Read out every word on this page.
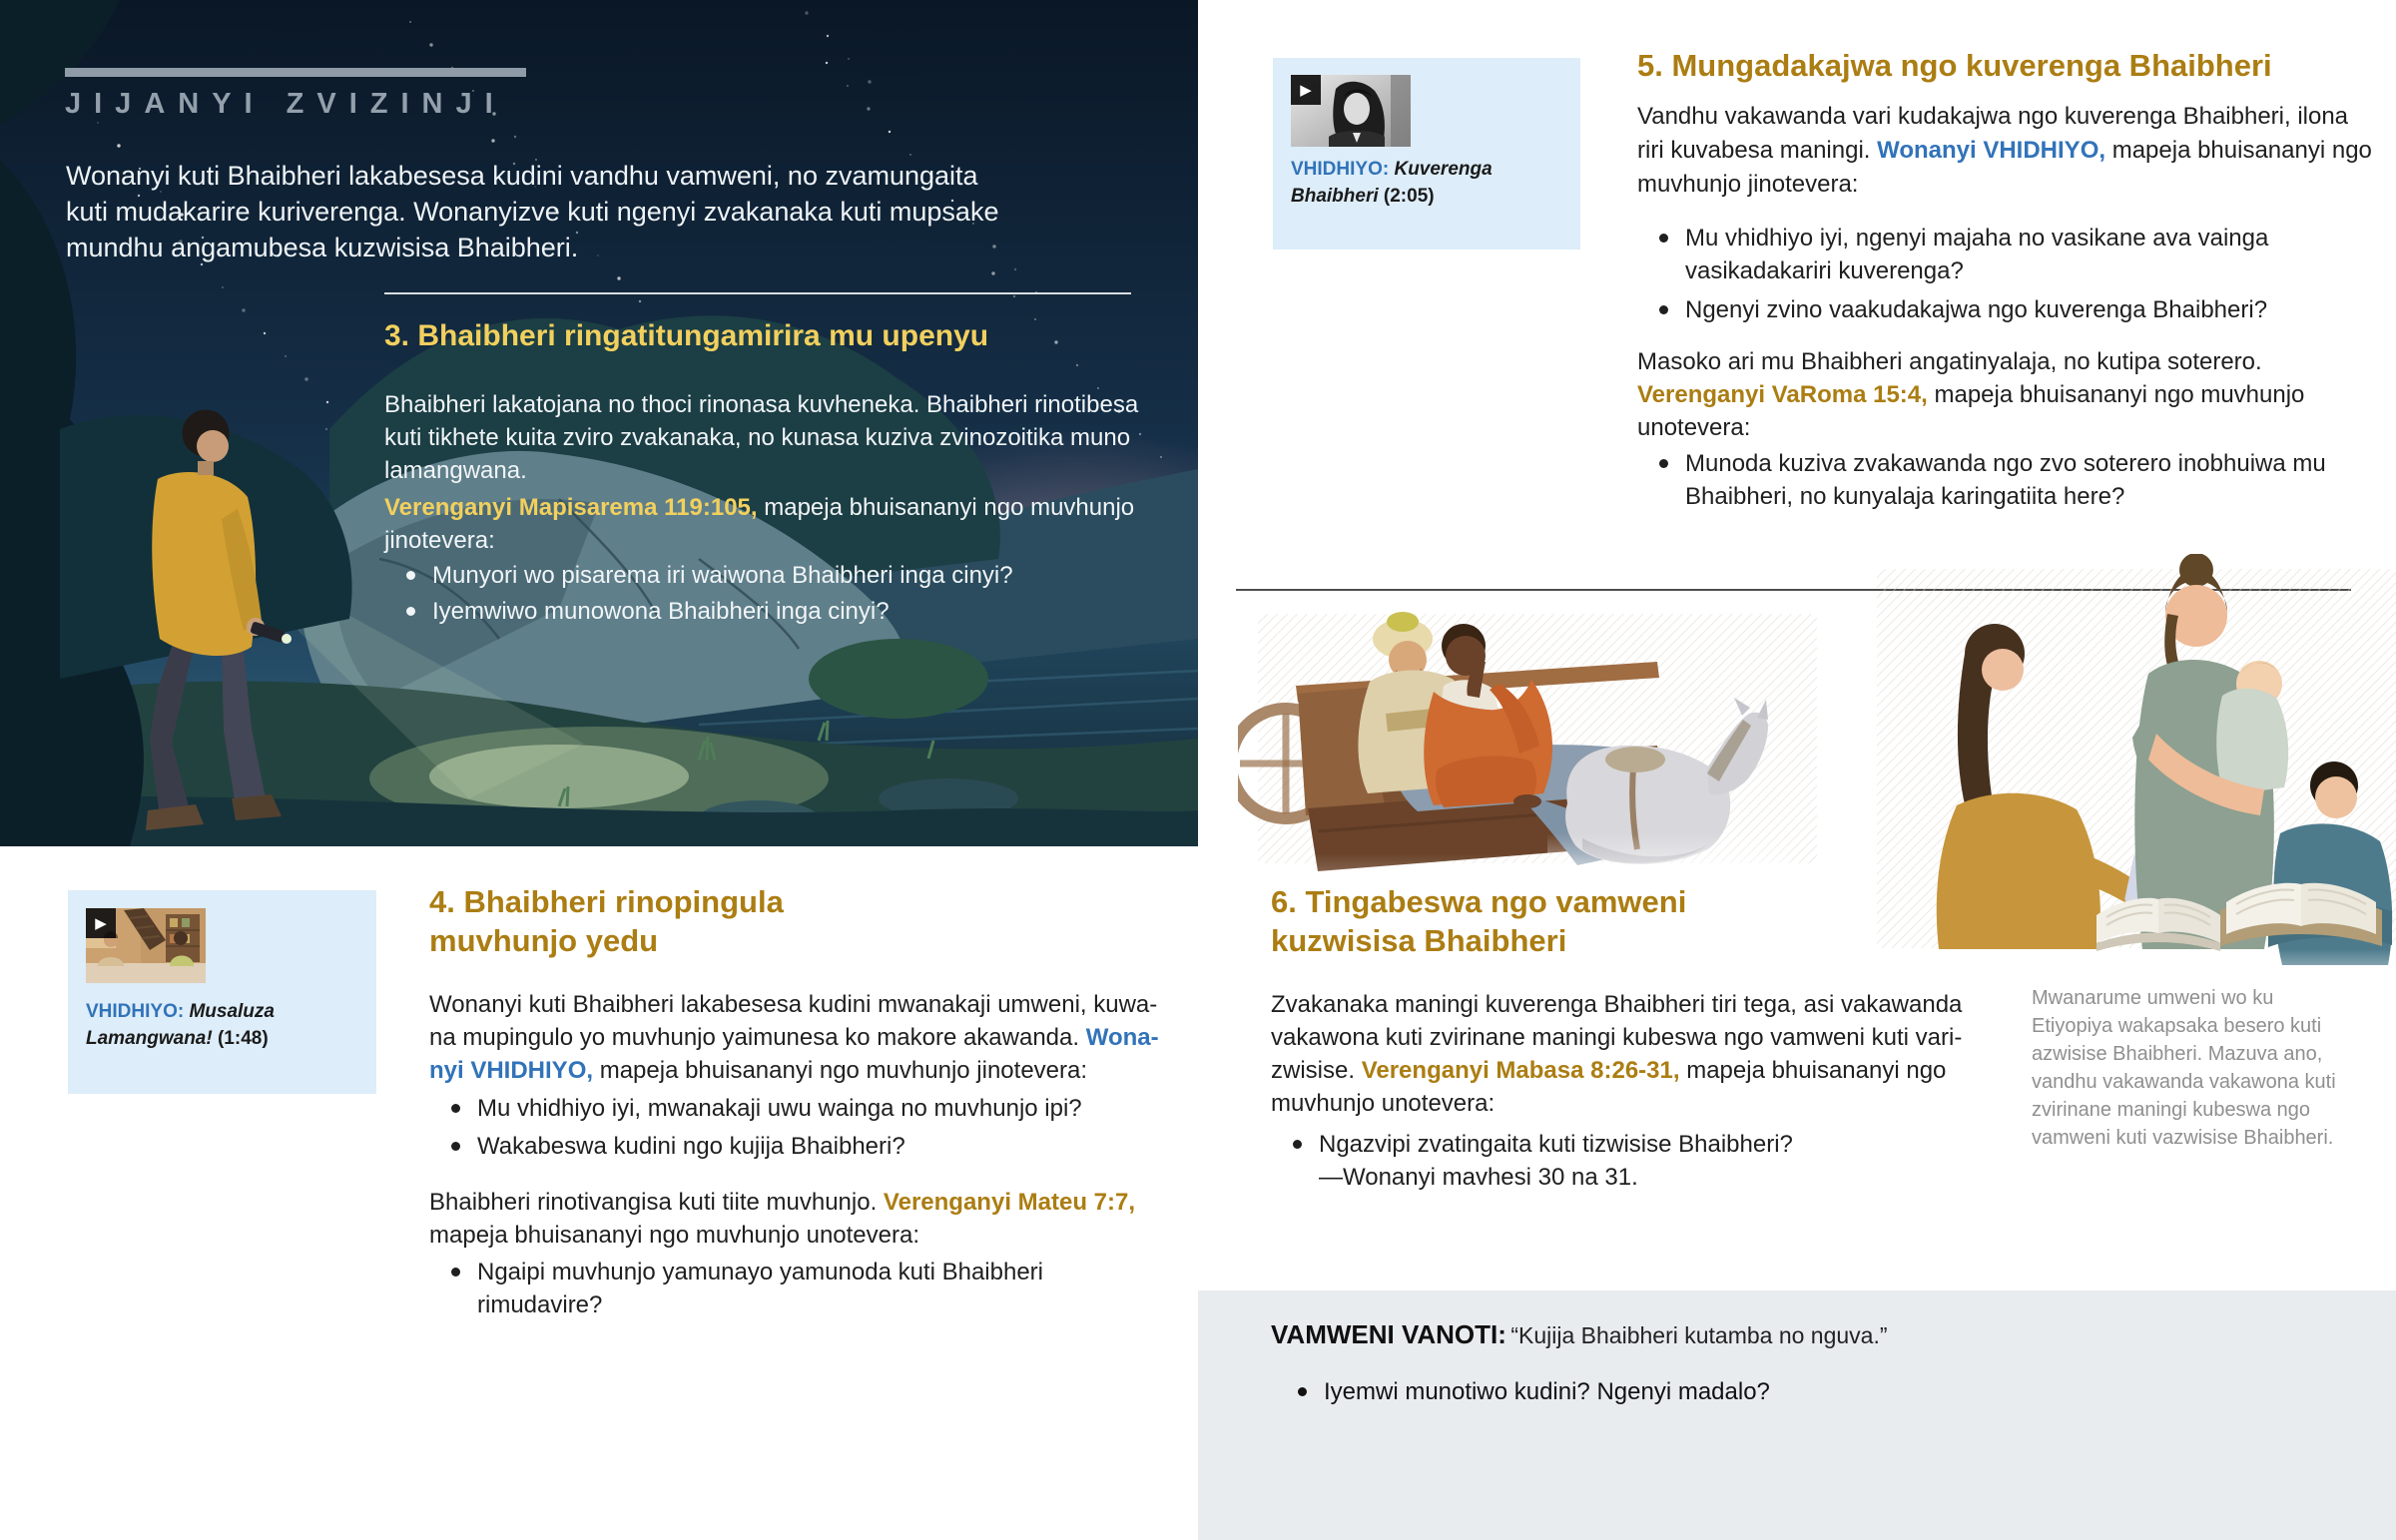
JIJANYI ZVIZINJI
Wonanyi kuti Bhaibheri lakabesesa kudini vandhu vamweni, no zvamungaita
kuti mudakarire kuriverenga. Wonanyizve kuti ngenyi zvakanaka kuti mupsake
mundhu angamubesa kuzwisisa Bhaibheri.
3. Bhaibheri ringatitungamirira mu upenyu
Bhaibheri lakatojana no thoci rinonasa kuvheneka. Bhaibheri rinotibesa
kuti tikhete kuita zviro zvakanaka, no kunasa kuziva zvinozoitika muno
lamangwana.
Verenganyi Mapisarema 119:105, mapeja bhuisananyi ngo muvhunjo
jinotevera:
Munyori wo pisarema iri waiwona Bhaibheri inga cinyi?
Iyemwiwo munowona Bhaibheri inga cinyi?
▶
VHIDHIYO: Musaluza
Lamangwana! (1:48)
4. Bhaibheri rinopingula
muvhunjo yedu
Wonanyi kuti Bhaibheri lakabesesa kudini mwanakaji umweni, kuwa-
na mupingulo yo muvhunjo yaimunesa ko makore akawanda. Wona-
nyi VHIDHIYO, mapeja bhuisananyi ngo muvhunjo jinotevera:
Mu vhidhiyo iyi, mwanakaji uwu wainga no muvhunjo ipi?
Wakabeswa kudini ngo kujija Bhaibheri?
Bhaibheri rinotivangisa kuti tiite muvhunjo. Verenganyi Mateu 7:7,
mapeja bhuisananyi ngo muvhunjo unotevera:
Ngaipi muvhunjo yamunayo yamunoda kuti Bhaibheri
rimudavire?
▶
VHIDHIYO: Kuverenga
Bhaibheri (2:05)
5. Mungadakajwa ngo kuverenga Bhaibheri
Vandhu vakawanda vari kudakajwa ngo kuverenga Bhaibheri, ilona
riri kuvabesa maningi. Wonanyi VHIDHIYO, mapeja bhuisananyi ngo
muvhunjo jinotevera:
Mu vhidhiyo iyi, ngenyi majaha no vasikane ava vainga
vasikadakariri kuverenga?
Ngenyi zvino vaakudakajwa ngo kuverenga Bhaibheri?
Masoko ari mu Bhaibheri angatinyalaja, no kutipa soterero.
Verenganyi VaRoma 15:4, mapeja bhuisananyi ngo muvhunjo
unotevera:
Munoda kuziva zvakawanda ngo zvo soterero inobhuiwa mu
Bhaibheri, no kunyalaja karingatiita here?
6. Tingabeswa ngo vamweni
kuzwisisa Bhaibheri
Zvakanaka maningi kuverenga Bhaibheri tiri tega, asi vakawanda
vakawona kuti zvirinane maningi kubeswa ngo vamweni kuti vari-
zwisise. Verenganyi Mabasa 8:26-31, mapeja bhuisananyi ngo
muvhunjo unotevera:
Ngazvipi zvatingaita kuti tizwisise Bhaibheri?
—Wonanyi mavhesi 30 na 31.
Mwanarume umweni wo ku
Etiyopiya wakapsaka besero kuti
azwisise Bhaibheri. Mazuva ano,
vandhu vakawanda vakawona kuti
zvirinane maningi kubeswa ngo
vamweni kuti vazwisise Bhaibheri.
VAMWENI VANOTI: “Kujija Bhaibheri kutamba no nguva.”
Iyemwi munotiwo kudini? Ngenyi madalo?
